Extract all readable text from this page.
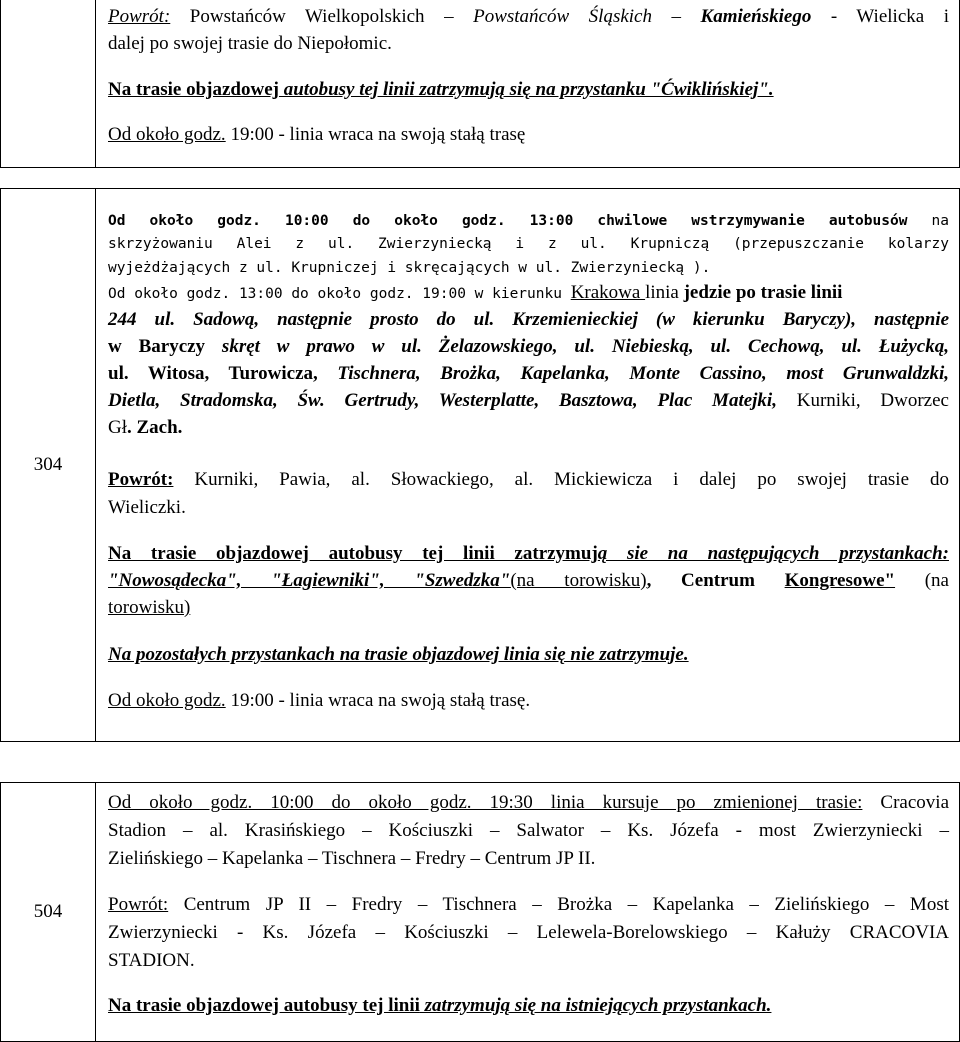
Powrót: Powstańców Wielkopolskich – Powstańców Śląskich – Kamieńskiego - Wielicka i
dalej po swojej trasie do Niepołomic.
Na trasie objazdowej autobusy tej linii zatrzymują się na przystanku "Ćwiklińskiej".
Od około godz. 19:00 - linia wraca na swoją stałą trasę
304
Od około godz. 10:00 do około godz. 13:00 chwilowe wstrzymywanie autobusów na
skrzyżowaniu Alei z ul. Zwierzyniecką i z ul. Krupniczą (przepuszczanie kolarzy
wyjeżdżających z ul. Krupniczej i skręcających w ul. Zwierzyniecką ).
Od około godz. 13:00 do około godz. 19:00 w kierunku Krakowa linia jedzie po trasie linii
244 ul. Sadową, następnie prosto do ul. Krzemienieckiej (w kierunku Baryczy), następnie
w Baryczy skręt w prawo w ul. Żelazowskiego, ul. Niebieską, ul. Cechową, ul. Łużycką,
ul. Witosa, Turowicza, Tischnera, Brożka, Kapelanka, Monte Cassino, most Grunwaldzki,
Dietla, Stradomska, Św. Gertrudy, Westerplatte, Basztowa, Plac Matejki, Kurniki, Dworzec
Gł. Zach.
Powrót: Kurniki, Pawia, al. Słowackiego, al. Mickiewicza i dalej po swojej trasie do
Wieliczki.
Na trasie objazdowej autobusy tej linii zatrzymują sie na następujących przystankach:
"Nowosądecka", "Łagiewniki", "Szwedzka"(na torowisku), Centrum Kongresowe" (na
torowisku)
Na pozostałych przystankach na trasie objazdowej linia się nie zatrzymuje.
Od około godz. 19:00 - linia wraca na swoją stałą trasę.
504
Od około godz. 10:00 do około godz. 19:30 linia kursuje po zmienionej trasie: Cracovia
Stadion – al. Krasińskiego – Kościuszki – Salwator – Ks. Józefa - most Zwierzyniecki –
Zielińskiego – Kapelanka – Tischnera – Fredry – Centrum JP II.
Powrót: Centrum JP II – Fredry – Tischnera – Brożka – Kapelanka – Zielińskiego – Most
Zwierzyniecki - Ks. Józefa – Kościuszki – Lelewela-Borelowskiego – Kałuży CRACOVIA
STADION.
Na trasie objazdowej autobusy tej linii zatrzymują się na istniejących przystankach.
